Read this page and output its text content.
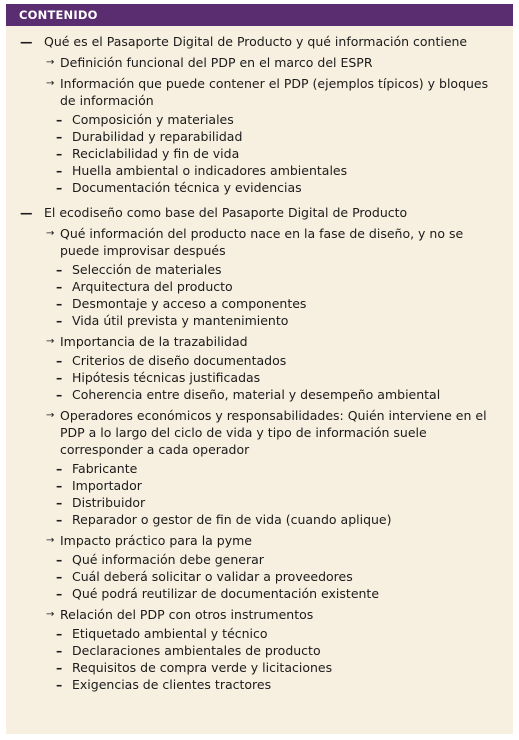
CONTENIDO
— Qué es el Pasaporte Digital de Producto y qué información contiene
→ Definición funcional del PDP en el marco del ESPR
→ Información que puede contener el PDP (ejemplos típicos) y bloques de información
– Composición y materiales
– Durabilidad y reparabilidad
– Reciclabilidad y fin de vida
– Huella ambiental o indicadores ambientales
– Documentación técnica y evidencias
— El ecodiseño como base del Pasaporte Digital de Producto
→ Qué información del producto nace en la fase de diseño, y no se puede improvisar después
– Selección de materiales
– Arquitectura del producto
– Desmontaje y acceso a componentes
– Vida útil prevista y mantenimiento
→ Importancia de la trazabilidad
– Criterios de diseño documentados
– Hipótesis técnicas justificadas
– Coherencia entre diseño, material y desempeño ambiental
→ Operadores económicos y responsabilidades: Quién interviene en el PDP a lo largo del ciclo de vida y tipo de información suele corresponder a cada operador
– Fabricante
– Importador
– Distribuidor
– Reparador o gestor de fin de vida (cuando aplique)
→ Impacto práctico para la pyme
– Qué información debe generar
– Cuál deberá solicitar o validar a proveedores
– Qué podrá reutilizar de documentación existente
→ Relación del PDP con otros instrumentos
– Etiquetado ambiental y técnico
– Declaraciones ambientales de producto
– Requisitos de compra verde y licitaciones
– Exigencias de clientes tractores
